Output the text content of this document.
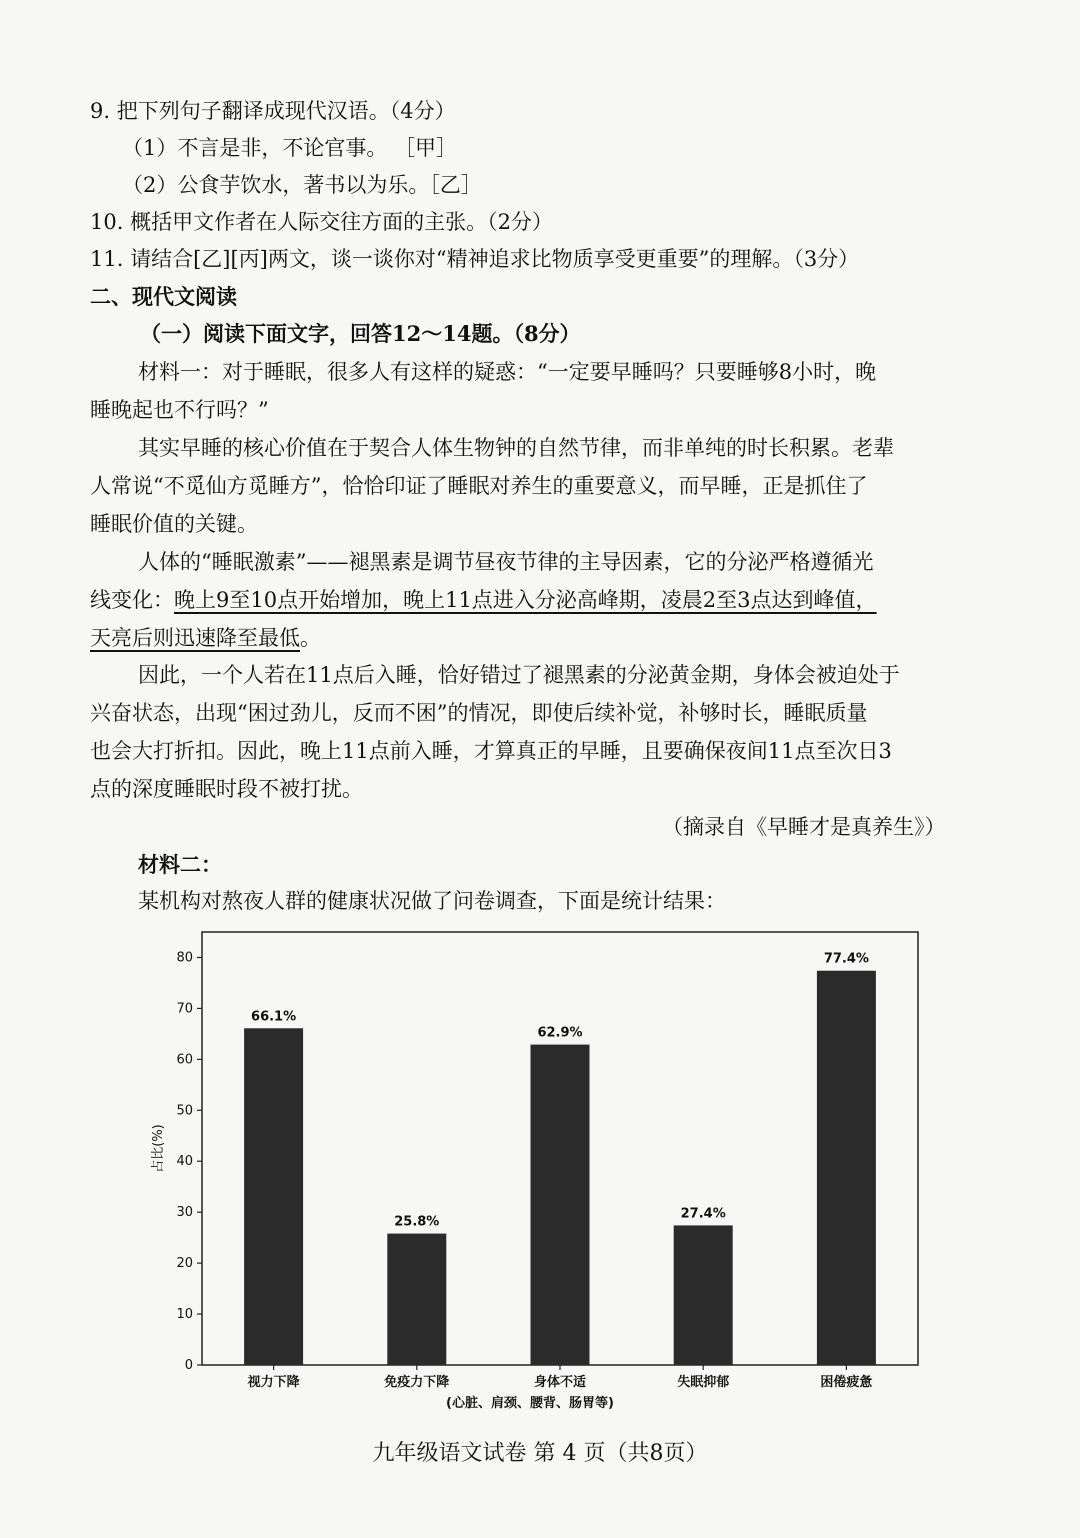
9. 把下列句子翻译成现代汉语。（4分）
（1）不言是非，不论官事。 ［甲］
（2）公食芋饮水，著书以为乐。［乙］
10. 概括甲文作者在人际交往方面的主张。（2分）
11. 请结合[乙][丙]两文，谈一谈你对“精神追求比物质享受更重要”的理解。（3分）
二、现代文阅读
（一）阅读下面文字，回答12～14题。（8分）
材料一：对于睡眠，很多人有这样的疑惑：“一定要早睡吗？只要睡够8小时，晚
睡晚起也不行吗？”
其实早睡的核心价值在于契合人体生物钟的自然节律，而非单纯的时长积累。老辈
人常说“不觅仙方觅睡方”，恰恰印证了睡眠对养生的重要意义，而早睡，正是抓住了
睡眠价值的关键。
人体的“睡眠激素”——褪黑素是调节昼夜节律的主导因素，它的分泌严格遵循光
线变化：晚上9至10点开始增加，晚上11点进入分泌高峰期，凌晨2至3点达到峰值，
天亮后则迅速降至最低。
因此，一个人若在11点后入睡，恰好错过了褪黑素的分泌黄金期，身体会被迫处于
兴奋状态，出现“困过劲儿，反而不困”的情况，即使后续补觉，补够时长，睡眠质量
也会大打折扣。因此，晚上11点前入睡，才算真正的早睡，且要确保夜间11点至次日3
点的深度睡眠时段不被打扰。
（摘录自《早睡才是真养生》）
材料二：
某机构对熬夜人群的健康状况做了问卷调查，下面是统计结果：
0
10
20
30
40
50
60
70
80
占比(%)
66.1%
视力下降
25.8%
免疫力下降
62.9%
身体不适
27.4%
失眠抑郁
77.4%
困倦疲惫
(心脏、肩颈、腰背、肠胃等)
九年级语文试卷 第 4 页（共8页）
